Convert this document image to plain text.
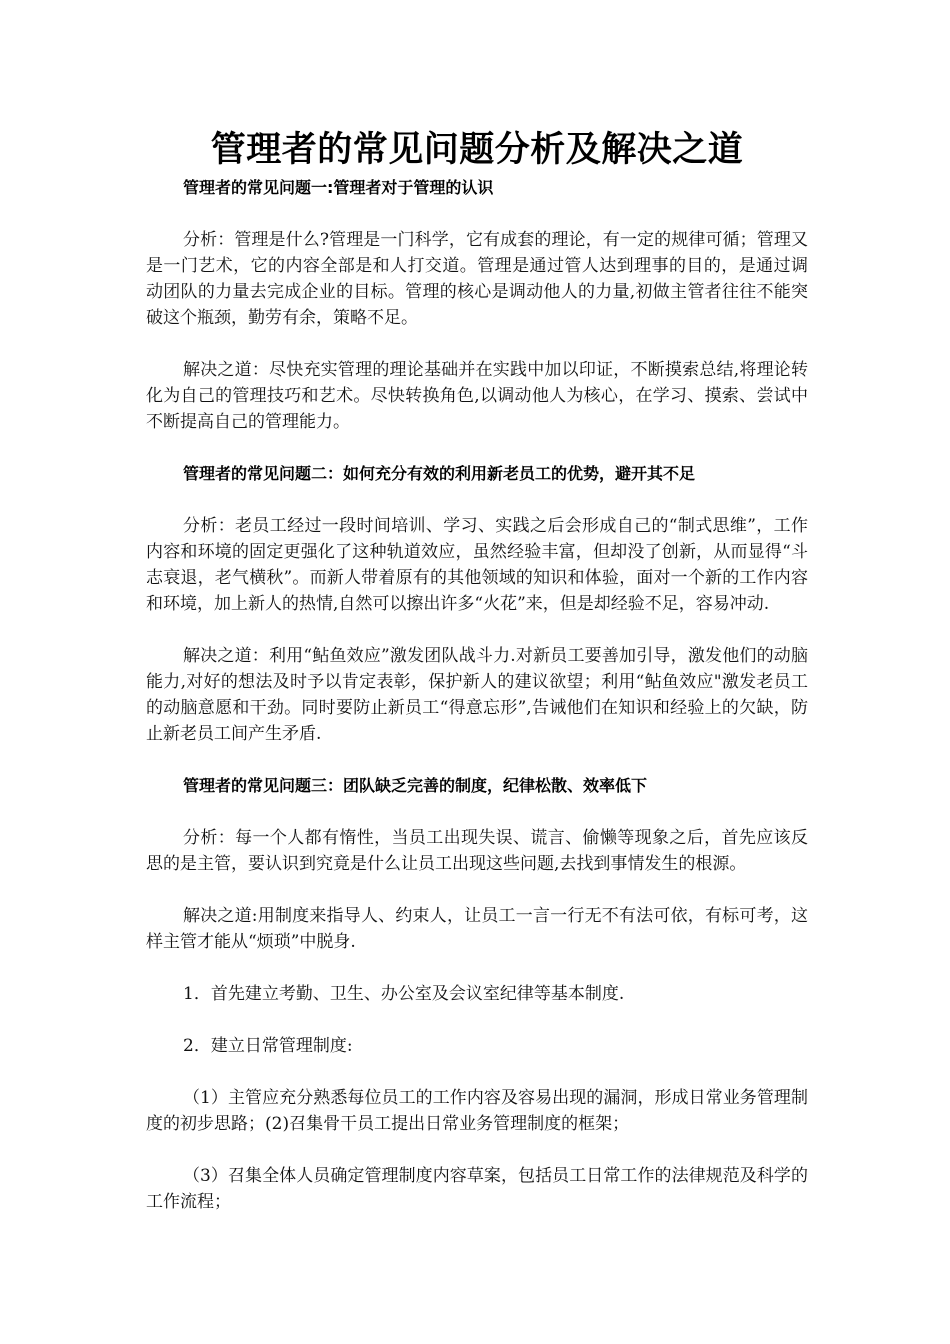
管理者的常见问题分析及解决之道

管理者的常见问题一:管理者对于管理的认识

分析：管理是什么?管理是一门科学，它有成套的理论，有一定的规律可循；管理又是一门艺术，它的内容全部是和人打交道。管理是通过管人达到理事的目的，是通过调动团队的力量去完成企业的目标。管理的核心是调动他人的力量,初做主管者往往不能突破这个瓶颈，勤劳有余，策略不足。

解决之道：尽快充实管理的理论基础并在实践中加以印证，不断摸索总结,将理论转化为自己的管理技巧和艺术。尽快转换角色,以调动他人为核心，在学习、摸索、尝试中不断提高自己的管理能力。

管理者的常见问题二：如何充分有效的利用新老员工的优势，避开其不足

分析：老员工经过一段时间培训、学习、实践之后会形成自己的“制式思维”，工作内容和环境的固定更强化了这种轨道效应，虽然经验丰富，但却没了创新，从而显得“斗志衰退，老气横秋”。而新人带着原有的其他领域的知识和体验，面对一个新的工作内容和环境，加上新人的热情,自然可以擦出许多“火花”来，但是却经验不足，容易冲动.

解决之道：利用“鲇鱼效应”激发团队战斗力.对新员工要善加引导，激发他们的动脑能力,对好的想法及时予以肯定表彰，保护新人的建议欲望；利用“鲇鱼效应"激发老员工的动脑意愿和干劲。同时要防止新员工“得意忘形”,告诫他们在知识和经验上的欠缺，防止新老员工间产生矛盾.

管理者的常见问题三：团队缺乏完善的制度，纪律松散、效率低下

分析：每一个人都有惰性，当员工出现失误、谎言、偷懒等现象之后，首先应该反思的是主管，要认识到究竟是什么让员工出现这些问题,去找到事情发生的根源。

解决之道:用制度来指导人、约束人，让员工一言一行无不有法可依，有标可考，这样主管才能从“烦琐”中脱身.

1．首先建立考勤、卫生、办公室及会议室纪律等基本制度.

2．建立日常管理制度:

（1）主管应充分熟悉每位员工的工作内容及容易出现的漏洞，形成日常业务管理制度的初步思路；(2)召集骨干员工提出日常业务管理制度的框架；

（3）召集全体人员确定管理制度内容草案，包括员工日常工作的法律规范及科学的工作流程；
